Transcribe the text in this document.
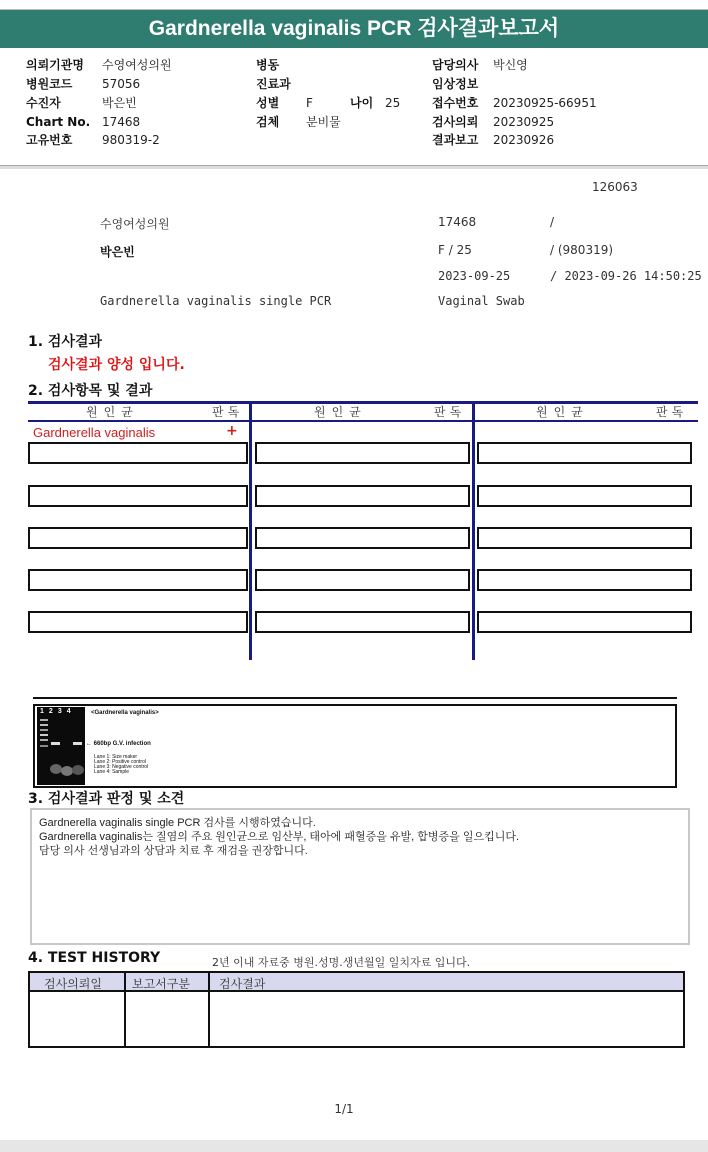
Gardnerella vaginalis PCR 검사결과보고서
의뢰기관명 수영여성의원
병원코드 57056
수진자	박은빈
Chart No. 17468
고유번호 980319-2
병동
진료과
성별 F	나이 25
검체 분비물
담당의사 박신영
임상정보
접수번호 20230925-66951
검사의뢰 20230925
결과보고 20230926
126063
수영여성의원	17468	/
박은빈	F / 25	/ (980319)
2023-09-25	/ 2023-09-26 14:50:25
Gardnerella vaginalis single PCR	Vaginal Swab
1. 검사결과
검사결과 양성 입니다.
2. 검사항목 및 결과
원인균	판독	원인균	판독	원인균	판독
Gardnerella vaginalis	+
1234	<Gardnerella vaginalis>
← 660bp G.V. infection
Lane 1: Size maker
Lane 2: Positive control
Lane 3: Negative control
Lane 4: Sample
3. 검사결과 판정 및 소견
Gardnerella vaginalis single PCR 검사를 시행하였습니다.
Gardnerella vaginalis는 질염의 주요 원인균으로 임산부, 태아에 패혈증을 유발, 합병증을 일으킵니다.
담당 의사 선생님과의 상담과 치료 후 재검을 권장합니다.
4. TEST HISTORY	2년 이내 자료중 병원.성명.생년월일 일치자료 입니다.
검사의뢰일	보고서구분 검사결과
1/1
